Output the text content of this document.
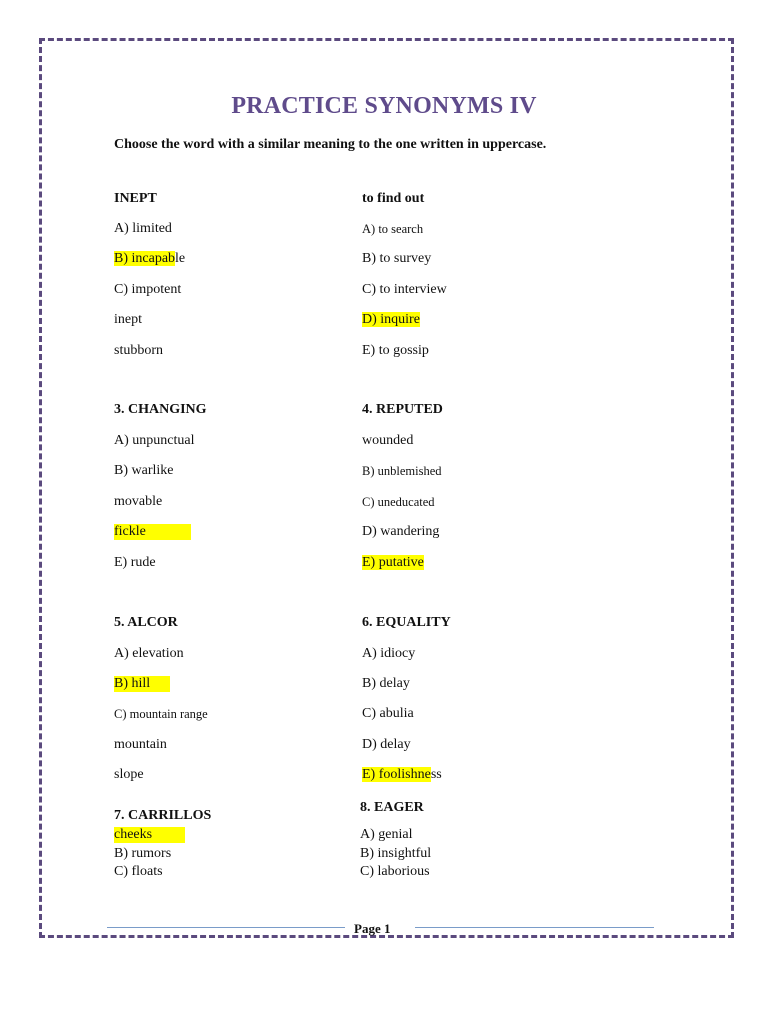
PRACTICE SYNONYMS IV
Choose the word with a similar meaning to the one written in uppercase.
INEPT
A) limited
B) incapable
C) impotent
inept
stubborn
to find out
A) to search
B) to survey
C) to interview
D) inquire
E) to gossip
3. CHANGING
A) unpunctual
B) warlike
movable
fickle
E) rude
4. REPUTED
wounded
B) unblemished
C) uneducated
D) wandering
E) putative
5. ALCOR
A) elevation
B) hill
C) mountain range
mountain
slope
6. EQUALITY
A) idiocy
B) delay
C) abulia
D) delay
E) foolishness
7. CARRILLOS
cheeks
B) rumors
C) floats
8. EAGER
A) genial
B) insightful
C) laborious
Page 1
